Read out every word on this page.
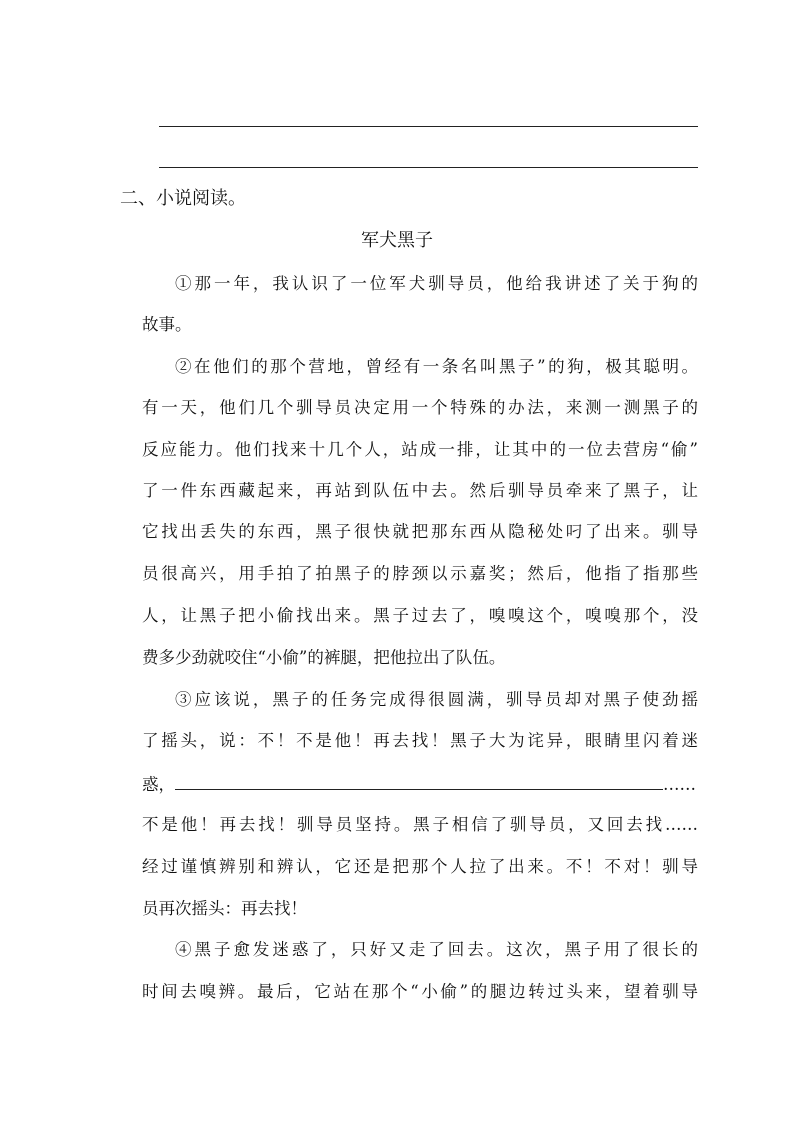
二、小说阅读。
军犬黑子
①那一年，我认识了一位军犬驯导员，他给我讲述了关于狗的
故事。
②在他们的那个营地，曾经有一条名叫黑子”的狗，极其聪明。
有一天，他们几个驯导员决定用一个特殊的办法，来测一测黑子的
反应能力。他们找来十几个人，站成一排，让其中的一位去营房“偷”
了一件东西藏起来，再站到队伍中去。然后驯导员牵来了黑子，让
它找出丢失的东西，黑子很快就把那东西从隐秘处叼了出来。驯导
员很高兴，用手拍了拍黑子的脖颈以示嘉奖；然后，他指了指那些
人，让黑子把小偷找出来。黑子过去了，嗅嗅这个，嗅嗅那个，没
费多少劲就咬住“小偷”的裤腿，把他拉出了队伍。
③应该说，黑子的任务完成得很圆满，驯导员却对黑子使劲摇
了摇头，说：不！不是他！再去找！黑子大为诧异，眼睛里闪着迷
惑，	……
不是他！再去找！驯导员坚持。黑子相信了驯导员，又回去找……
经过谨慎辨别和辨认，它还是把那个人拉了出来。不！不对！驯导
员再次摇头：再去找！
④黑子愈发迷惑了，只好又走了回去。这次，黑子用了很长的
时间去嗅辨。最后，它站在那个“小偷”的腿边转过头来，望着驯导
